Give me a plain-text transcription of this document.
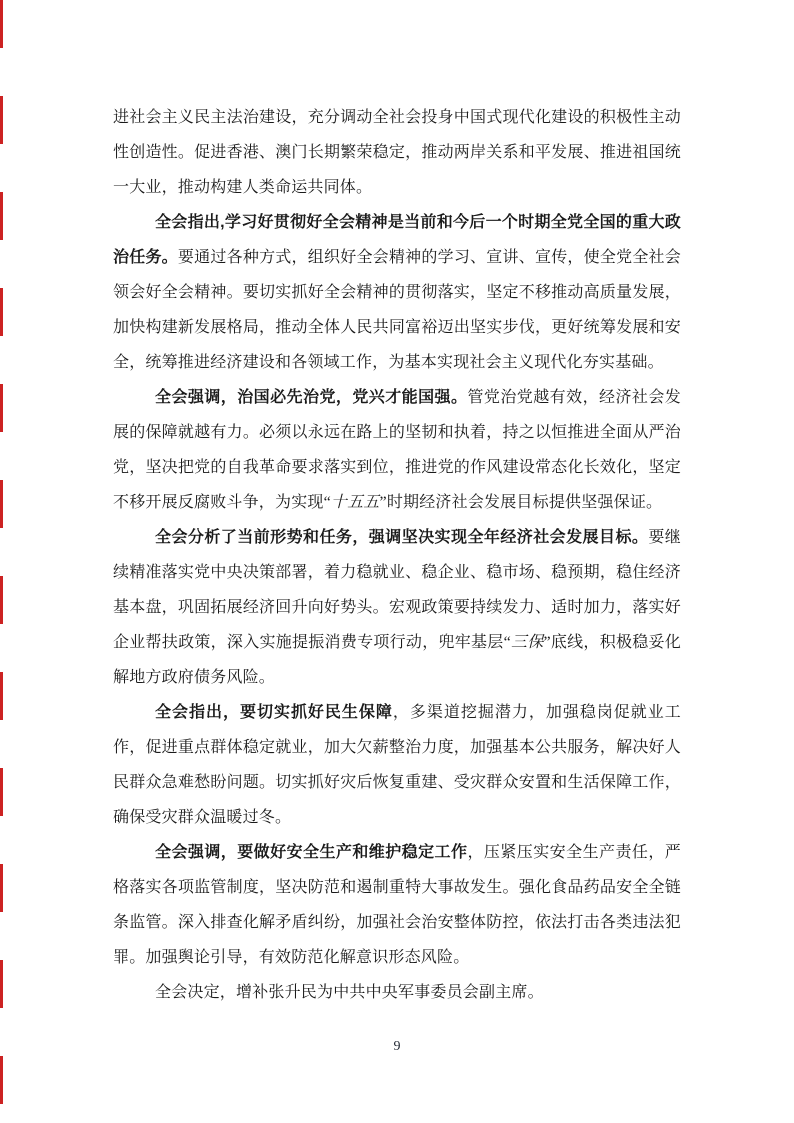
进社会主义民主法治建设，充分调动全社会投身中国式现代化建设的积极性主动性创造性。促进香港、澳门长期繁荣稳定，推动两岸关系和平发展、推进祖国统一大业，推动构建人类命运共同体。

全会指出,学习好贯彻好全会精神是当前和今后一个时期全党全国的重大政治任务。要通过各种方式，组织好全会精神的学习、宣讲、宣传，使全党全社会领会好全会精神。要切实抓好全会精神的贯彻落实，坚定不移推动高质量发展，加快构建新发展格局，推动全体人民共同富裕迈出坚实步伐，更好统筹发展和安全，统筹推进经济建设和各领域工作，为基本实现社会主义现代化夯实基础。

全会强调，治国必先治党，党兴才能国强。管党治党越有效，经济社会发展的保障就越有力。必须以永远在路上的坚韧和执着，持之以恒推进全面从严治党，坚决把党的自我革命要求落实到位，推进党的作风建设常态化长效化，坚定不移开展反腐败斗争，为实现“十五五”时期经济社会发展目标提供坚强保证。

全会分析了当前形势和任务，强调坚决实现全年经济社会发展目标。要继续精准落实党中央决策部署，着力稳就业、稳企业、稳市场、稳预期，稳住经济基本盘，巩固拓展经济回升向好势头。宏观政策要持续发力、适时加力，落实好企业帮扶政策，深入实施提振消费专项行动，兜牢基层“三保”底线，积极稳妥化解地方政府债务风险。

全会指出，要切实抓好民生保障，多渠道挖掘潜力，加强稳岗促就业工作，促进重点群体稳定就业，加大欠薪整治力度，加强基本公共服务，解决好人民群众急难愁盼问题。切实抓好灾后恢复重建、受灾群众安置和生活保障工作，确保受灾群众温暖过冬。

全会强调，要做好安全生产和维护稳定工作，压紧压实安全生产责任，严格落实各项监管制度，坚决防范和遏制重特大事故发生。强化食品药品安全全链条监管。深入排查化解矛盾纠纷，加强社会治安整体防控，依法打击各类违法犯罪。加强舆论引导，有效防范化解意识形态风险。

全会决定，增补张升民为中共中央军事委员会副主席。

9
